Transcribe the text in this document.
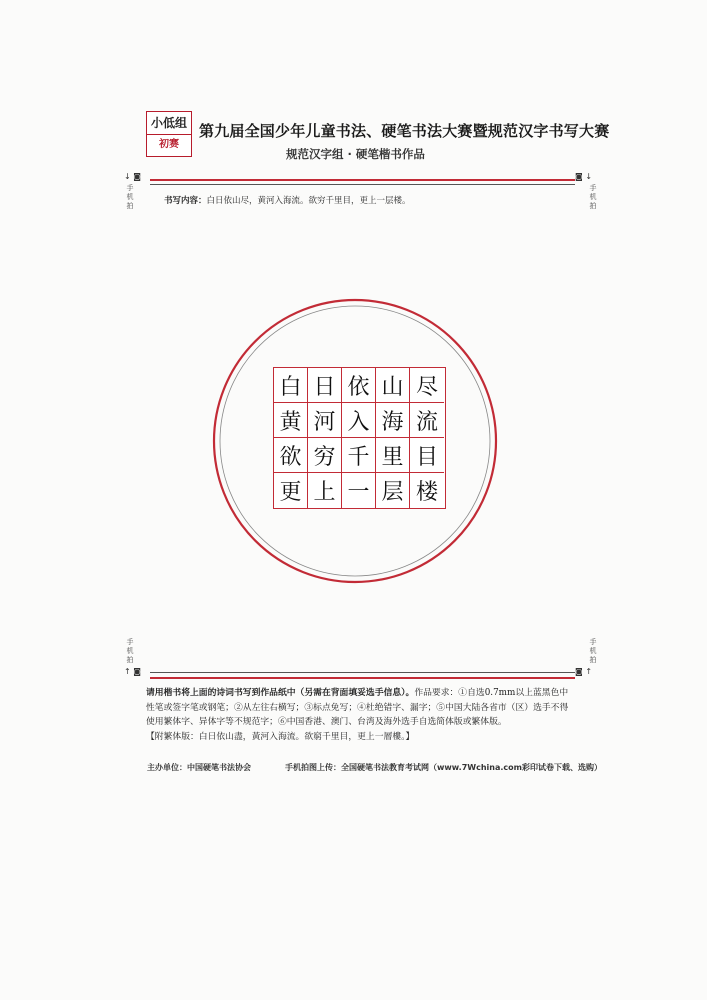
小低组
初赛
第九届全国少年儿童书法、硬笔书法大赛暨规范汉字书写大赛
规范汉字组 · 硬笔楷书作品
↓ ◙	◙ ↓
手机拍
手机拍
书写内容：白日依山尽，黄河入海流。欲穷千里目，更上一层楼。
白 日 依 山 尽
黄 河 入 海 流
欲 穷 千 里 目
更 上 一 层 楼
手机拍
手机拍
↑ ◙	◙ ↑
请用楷书将上面的诗词书写到作品纸中（另需在背面填妥选手信息）。作品要求：①自选0.7mm以上蓝黑色中性笔或签字笔或钢笔；②从左往右横写；③标点免写；④杜绝错字、漏字；⑤中国大陆各省市（区）选手不得使用繁体字、异体字等不规范字；⑥中国香港、澳门、台湾及海外选手自选简体版或繁体版。
【附繁体版：白日依山盡，黃河入海流。欲窮千里目，更上一層樓。】
主办单位：中国硬笔书法协会	手机拍图上传：全国硬笔书法教育考试网（www.7Wchina.com彩印试卷下载、选购）
